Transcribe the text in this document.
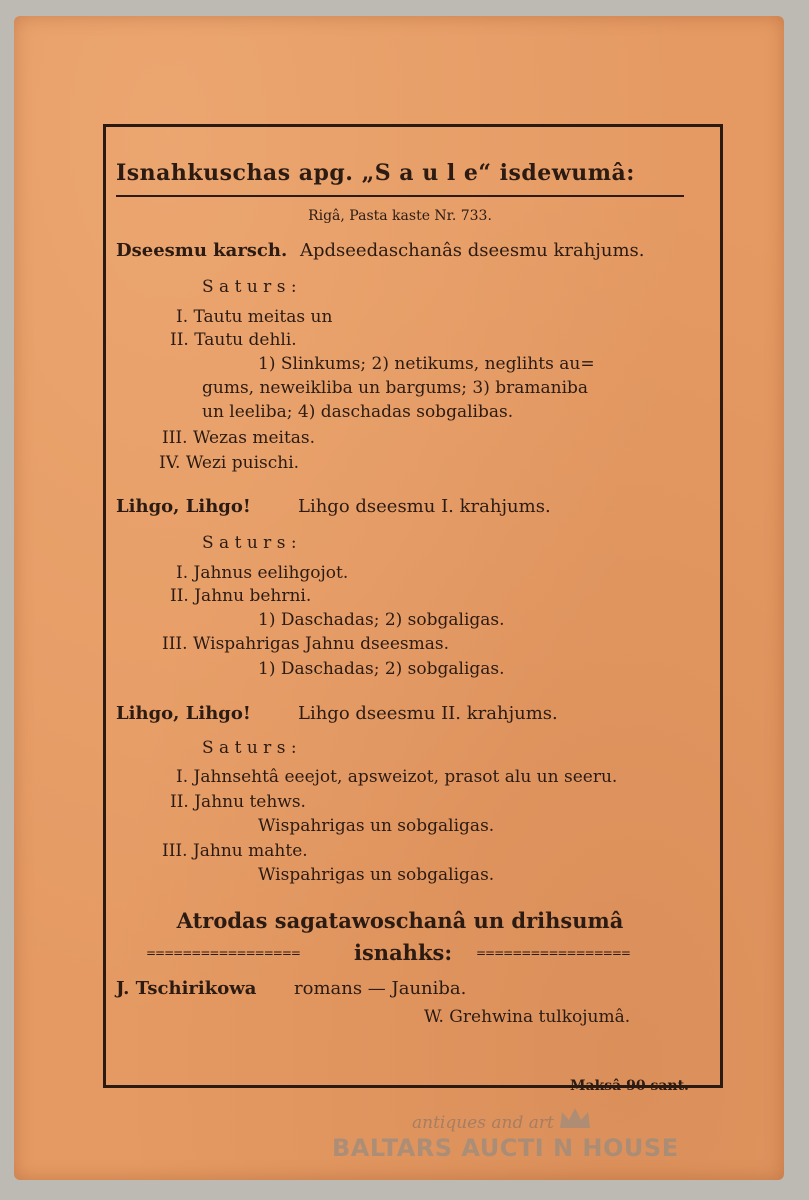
Isnahkuschas apg. „S a u l e“ isdewumâ:
Rigâ, Pasta kaste Nr. 733.
Dseesmu karsch. Apdseedaschanâs dseesmu krahjums.
S a t u r s :
I. Tautu meitas un
II. Tautu dehli.
1) Slinkums; 2) netikums, neglihts au=
gums, neweikliba un bargums; 3) bramaniba
un leeliba; 4) daschadas sobgalibas.
III. Wezas meitas.
IV. Wezi puischi.
Lihgo, Lihgo!	Lihgo dseesmu I. krahjums.
S a t u r s :
I. Jahnus eelihgojot.
II. Jahnu behrni.
1) Daschadas; 2) sobgaligas.
III. Wispahrigas Jahnu dseesmas.
1) Daschadas; 2) sobgaligas.
Lihgo, Lihgo!	Lihgo dseesmu II. krahjums.
S a t u r s :
I. Jahnsehtâ eeejot, apsweizot, prasot alu un seeru.
II. Jahnu tehws.
Wispahrigas un sobgaligas.
III. Jahnu mahte.
Wispahrigas un sobgaligas.
Atrodas sagatawoschanâ un drihsumâ
=================	isnahks: =================
J. Tschirikowa romans — Jauniba.
W. Grehwina tulkojumâ.
Maksâ 90 sant.
antiques and art
BALTARS AUCTI N HOUSE
